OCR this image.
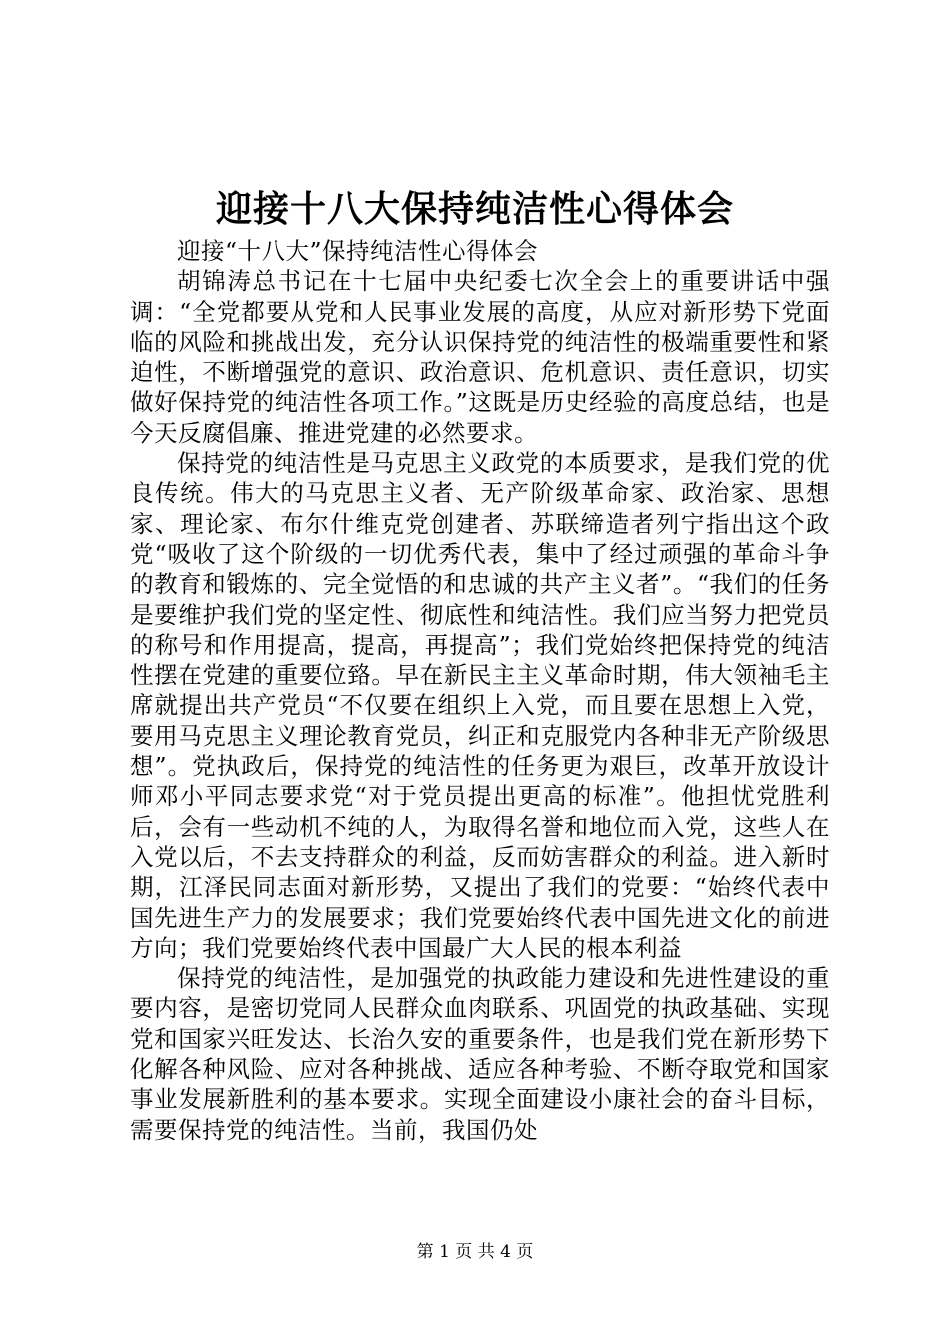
迎接十八大保持纯洁性心得体会

迎接“十八大”保持纯洁性心得体会

胡锦涛总书记在十七届中央纪委七次全会上的重要讲话中强调：“全党都要从党和人民事业发展的高度，从应对新形势下党面临的风险和挑战出发，充分认识保持党的纯洁性的极端重要性和紧迫性，不断增强党的意识、政治意识、危机意识、责任意识，切实做好保持党的纯洁性各项工作。”这既是历史经验的高度总结，也是今天反腐倡廉、推进党建的必然要求。

保持党的纯洁性是马克思主义政党的本质要求，是我们党的优良传统。伟大的马克思主义者、无产阶级革命家、政治家、思想家、理论家、布尔什维克党创建者、苏联缔造者列宁指出这个政党“吸收了这个阶级的一切优秀代表，集中了经过顽强的革命斗争的教育和锻炼的、完全觉悟的和忠诚的共产主义者”。“我们的任务是要维护我们党的坚定性、彻底性和纯洁性。我们应当努力把党员的称号和作用提高，提高，再提高”；我们党始终把保持党的纯洁性摆在党建的重要位臵。早在新民主主义革命时期，伟大领袖毛主席就提出共产党员“不仅要在组织上入党，而且要在思想上入党，要用马克思主义理论教育党员，纠正和克服党内各种非无产阶级思想”。党执政后，保持党的纯洁性的任务更为艰巨，改革开放设计师邓小平同志要求党“对于党员提出更高的标准”。他担忧党胜利后，会有一些动机不纯的人，为取得名誉和地位而入党，这些人在入党以后，不去支持群众的利益，反而妨害群众的利益。进入新时期，江泽民同志面对新形势，又提出了我们的党要：“始终代表中国先进生产力的发展要求；我们党要始终代表中国先进文化的前进方向；我们党要始终代表中国最广大人民的根本利益

保持党的纯洁性，是加强党的执政能力建设和先进性建设的重要内容，是密切党同人民群众血肉联系、巩固党的执政基础、实现党和国家兴旺发达、长治久安的重要条件，也是我们党在新形势下化解各种风险、应对各种挑战、适应各种考验、不断夺取党和国家事业发展新胜利的基本要求。实现全面建设小康社会的奋斗目标，需要保持党的纯洁性。当前，我国仍处

第 1 页 共 4 页
